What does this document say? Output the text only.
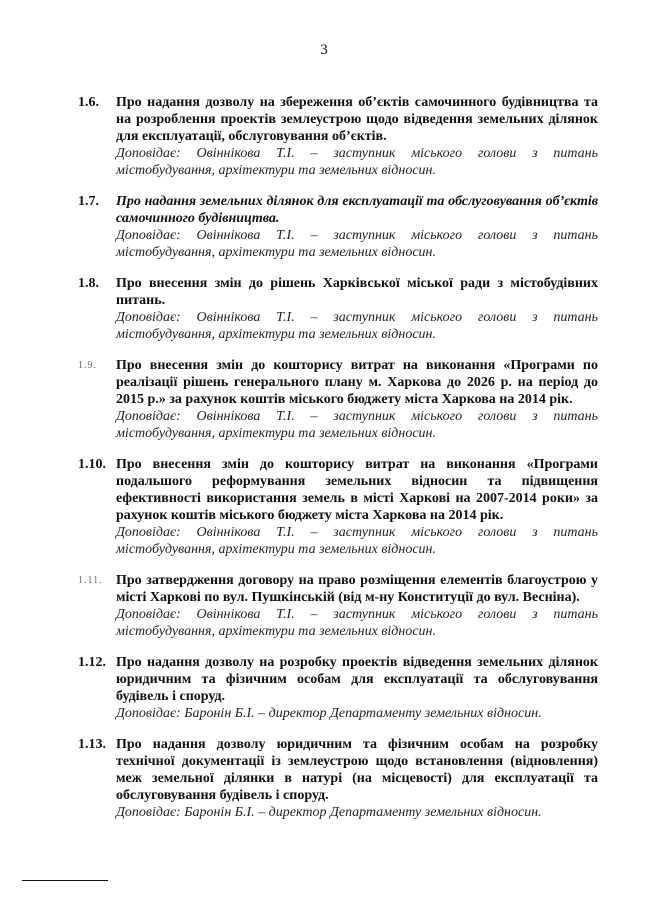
3
1.6.	Про надання дозволу на збереження об’єктів самочинного будівництва та на розроблення проектів землеустрою щодо відведення земельних ділянок для експлуатації, обслуговування об’єктів.
Доповідає: Овіннікова Т.І. – заступник міського голови з питань містобудування, архітектури та земельних відносин.
1.7.	Про надання земельних ділянок для експлуатації та обслуговування об’єктів самочинного будівництва.
Доповідає: Овіннікова Т.І. – заступник міського голови з питань містобудування, архітектури та земельних відносин.
1.8.	Про внесення змін до рішень Харківської міської ради з містобудівних питань.
Доповідає: Овіннікова Т.І. – заступник міського голови з питань містобудування, архітектури та земельних відносин.
1.9.	Про внесення змін до кошторису витрат на виконання «Програми по реалізації рішень генерального плану м. Харкова до 2026 р. на період до 2015 р.» за рахунок коштів міського бюджету міста Харкова на 2014 рік.
Доповідає: Овіннікова Т.І. – заступник міського голови з питань містобудування, архітектури та земельних відносин.
1.10. Про внесення змін до кошторису витрат на виконання «Програми подальшого реформування земельних відносин та підвищення ефективності використання земель в місті Харкові на 2007-2014 роки» за рахунок коштів міського бюджету міста Харкова на 2014 рік.
Доповідає: Овіннікова Т.І. – заступник міського голови з питань містобудування, архітектури та земельних відносин.
1.11. Про затвердження договору на право розміщення елементів благоустрою у місті Харкові по вул. Пушкінській (від м-ну Конституції до вул. Весніна).
Доповідає: Овіннікова Т.І. – заступник міського голови з питань містобудування, архітектури та земельних відносин.
1.12. Про надання дозволу на розробку проектів відведення земельних ділянок юридичним та фізичним особам для експлуатації та обслуговування будівель і споруд.
Доповідає: Баронін Б.І. – директор Департаменту земельних відносин.
1.13. Про надання дозволу юридичним та фізичним особам на розробку технічної документації із землеустрою щодо встановлення (відновлення) меж земельної ділянки в натурі (на місцевості) для експлуатації та обслуговування будівель і споруд.
Доповідає: Баронін Б.І. – директор Департаменту земельних відносин.
